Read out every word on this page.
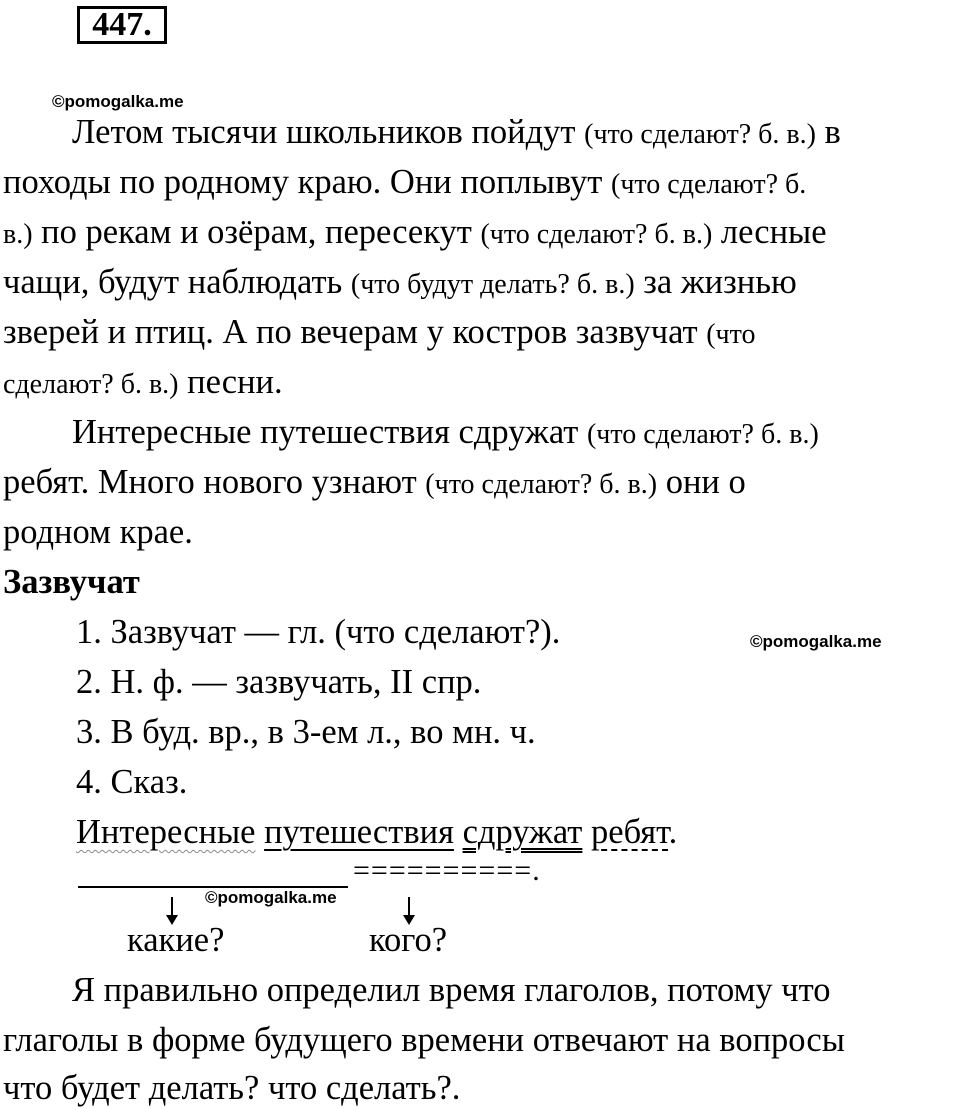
447.
©pomogalka.me
©pomogalka.me
©pomogalka.me
Летом тысячи школьников пойдут (что сделают? б. в.) в
походы по родному краю. Они поплывут (что сделают? б.
в.) по рекам и озёрам, пересекут (что сделают? б. в.) лесные
чащи, будут наблюдать (что будут делать? б. в.) за жизнью
зверей и птиц. А по вечерам у костров зазвучат (что
сделают? б. в.) песни.
Интересные путешествия сдружат (что сделают? б. в.)
ребят. Много нового узнают (что сделают? б. в.) они о
родном крае.
Зазвучат
1. Зазвучат — гл. (что сделают?).
2. Н. ф. — зазвучать, II спр.
3. В буд. вр., в 3-ем л., во мн. ч.
4. Сказ.
Интересные путешествия сдружат ребят.
==========.
какие?	кого?
Я правильно определил время глаголов, потому что
глаголы в форме будущего времени отвечают на вопросы
что будет делать? что сделать?.
